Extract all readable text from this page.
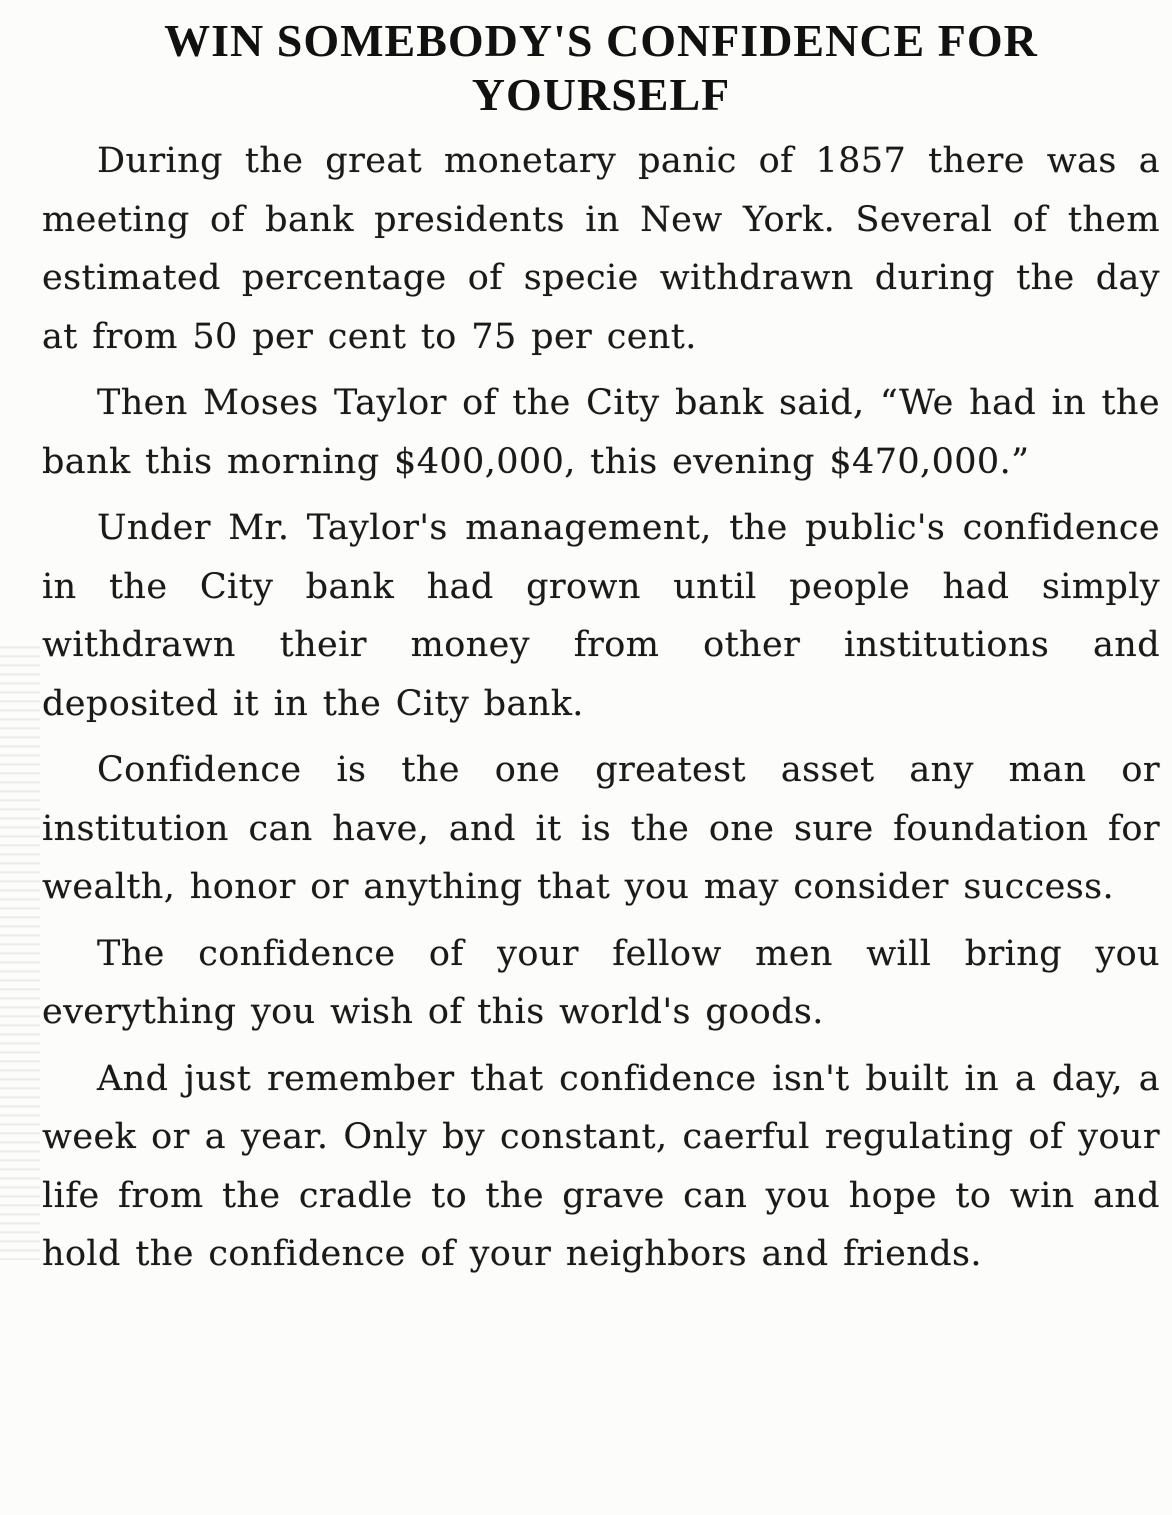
WIN SOMEBODY'S CONFIDENCE FOR YOURSELF

During the great monetary panic of 1857 there was a meeting of bank presidents in New York. Several of them estimated percentage of specie withdrawn during the day at from 50 per cent to 75 per cent.

Then Moses Taylor of the City bank said, “We had in the bank this morning $400,000, this evening $470,000.”

Under Mr. Taylor's management, the public's confidence in the City bank had grown until people had simply withdrawn their money from other institutions and deposited it in the City bank.

Confidence is the one greatest asset any man or institution can have, and it is the one sure foundation for wealth, honor or anything that you may consider success.

The confidence of your fellow men will bring you everything you wish of this world's goods.

And just remember that confidence isn't built in a day, a week or a year. Only by constant, caerful regulating of your life from the cradle to the grave can you hope to win and hold the confidence of your neighbors and friends.
